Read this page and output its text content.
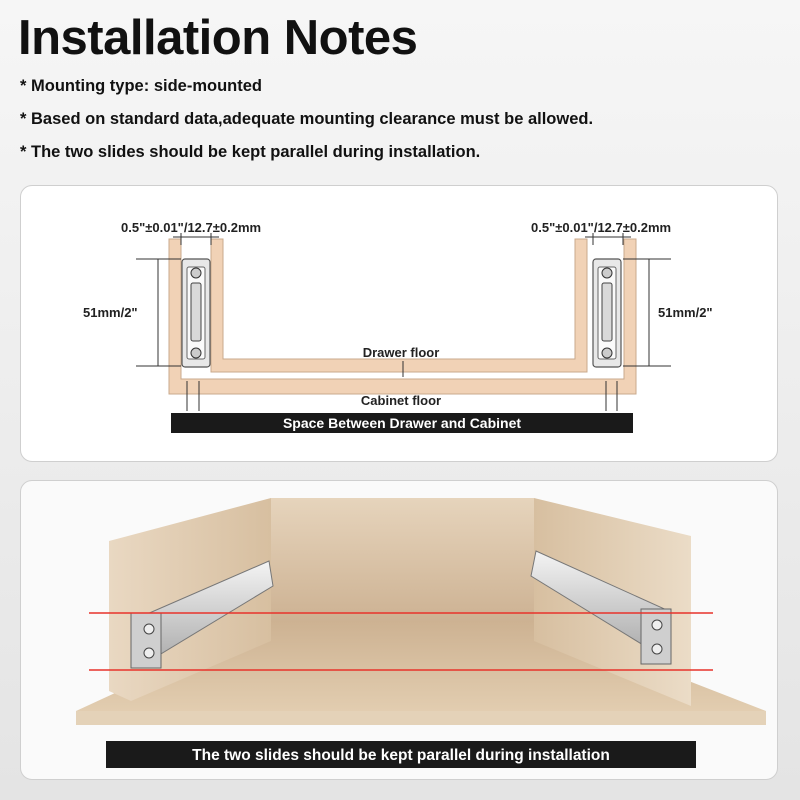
Installation Notes
* Mounting type: side-mounted
* Based on standard data,adequate mounting clearance must be allowed.
* The two slides should be kept parallel during installation.
0.5"±0.01"/12.7±0.2mm	0.5"±0.01"/12.7±0.2mm
51mm/2"	51mm/2"
Drawer floor
Cabinet floor
Space Between Drawer and Cabinet
The two slides should be kept parallel during installation
